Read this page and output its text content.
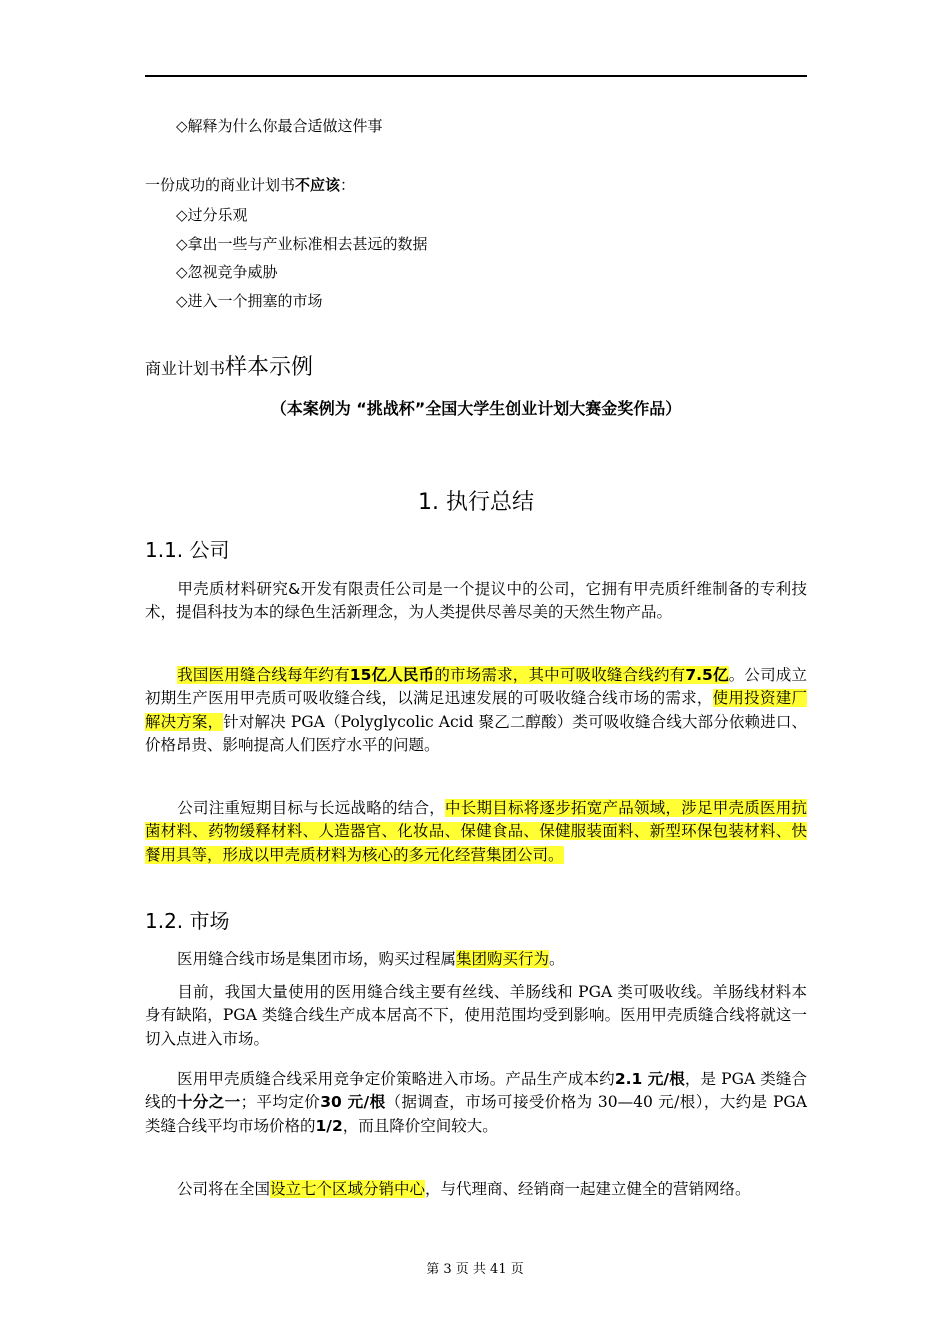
◇解释为什么你最合适做这件事
一份成功的商业计划书不应该：
◇过分乐观
◇拿出一些与产业标准相去甚远的数据
◇忽视竞争威胁
◇进入一个拥塞的市场
商业计划书样本示例
（本案例为 “挑战杯”全国大学生创业计划大赛金奖作品）
1. 执行总结
1.1. 公司
甲壳质材料研究&开发有限责任公司是一个提议中的公司，它拥有甲壳质纤维制备的专利技术，提倡科技为本的绿色生活新理念，为人类提供尽善尽美的天然生物产品。
我国医用缝合线每年约有15亿人民币的市场需求，其中可吸收缝合线约有7.5亿。公司成立初期生产医用甲壳质可吸收缝合线，以满足迅速发展的可吸收缝合线市场的需求，使用投资建厂解决方案，针对解决 PGA（Polyglycolic Acid 聚乙二醇酸）类可吸收缝合线大部分依赖进口、价格昂贵、影响提高人们医疗水平的问题。
公司注重短期目标与长远战略的结合，中长期目标将逐步拓宽产品领域，涉足甲壳质医用抗菌材料、药物缓释材料、人造器官、化妆品、保健食品、保健服装面料、新型环保包装材料、快餐用具等，形成以甲壳质材料为核心的多元化经营集团公司。
1.2. 市场
医用缝合线市场是集团市场，购买过程属集团购买行为。
目前，我国大量使用的医用缝合线主要有丝线、羊肠线和 PGA 类可吸收线。羊肠线材料本身有缺陷，PGA 类缝合线生产成本居高不下，使用范围均受到影响。医用甲壳质缝合线将就这一切入点进入市场。
医用甲壳质缝合线采用竞争定价策略进入市场。产品生产成本约2.1 元/根，是 PGA 类缝合线的十分之一；平均定价30 元/根（据调查，市场可接受价格为 30—40 元/根），大约是 PGA 类缝合线平均市场价格的1/2，而且降价空间较大。
公司将在全国设立七个区域分销中心，与代理商、经销商一起建立健全的营销网络。
第 3 页 共 41 页
